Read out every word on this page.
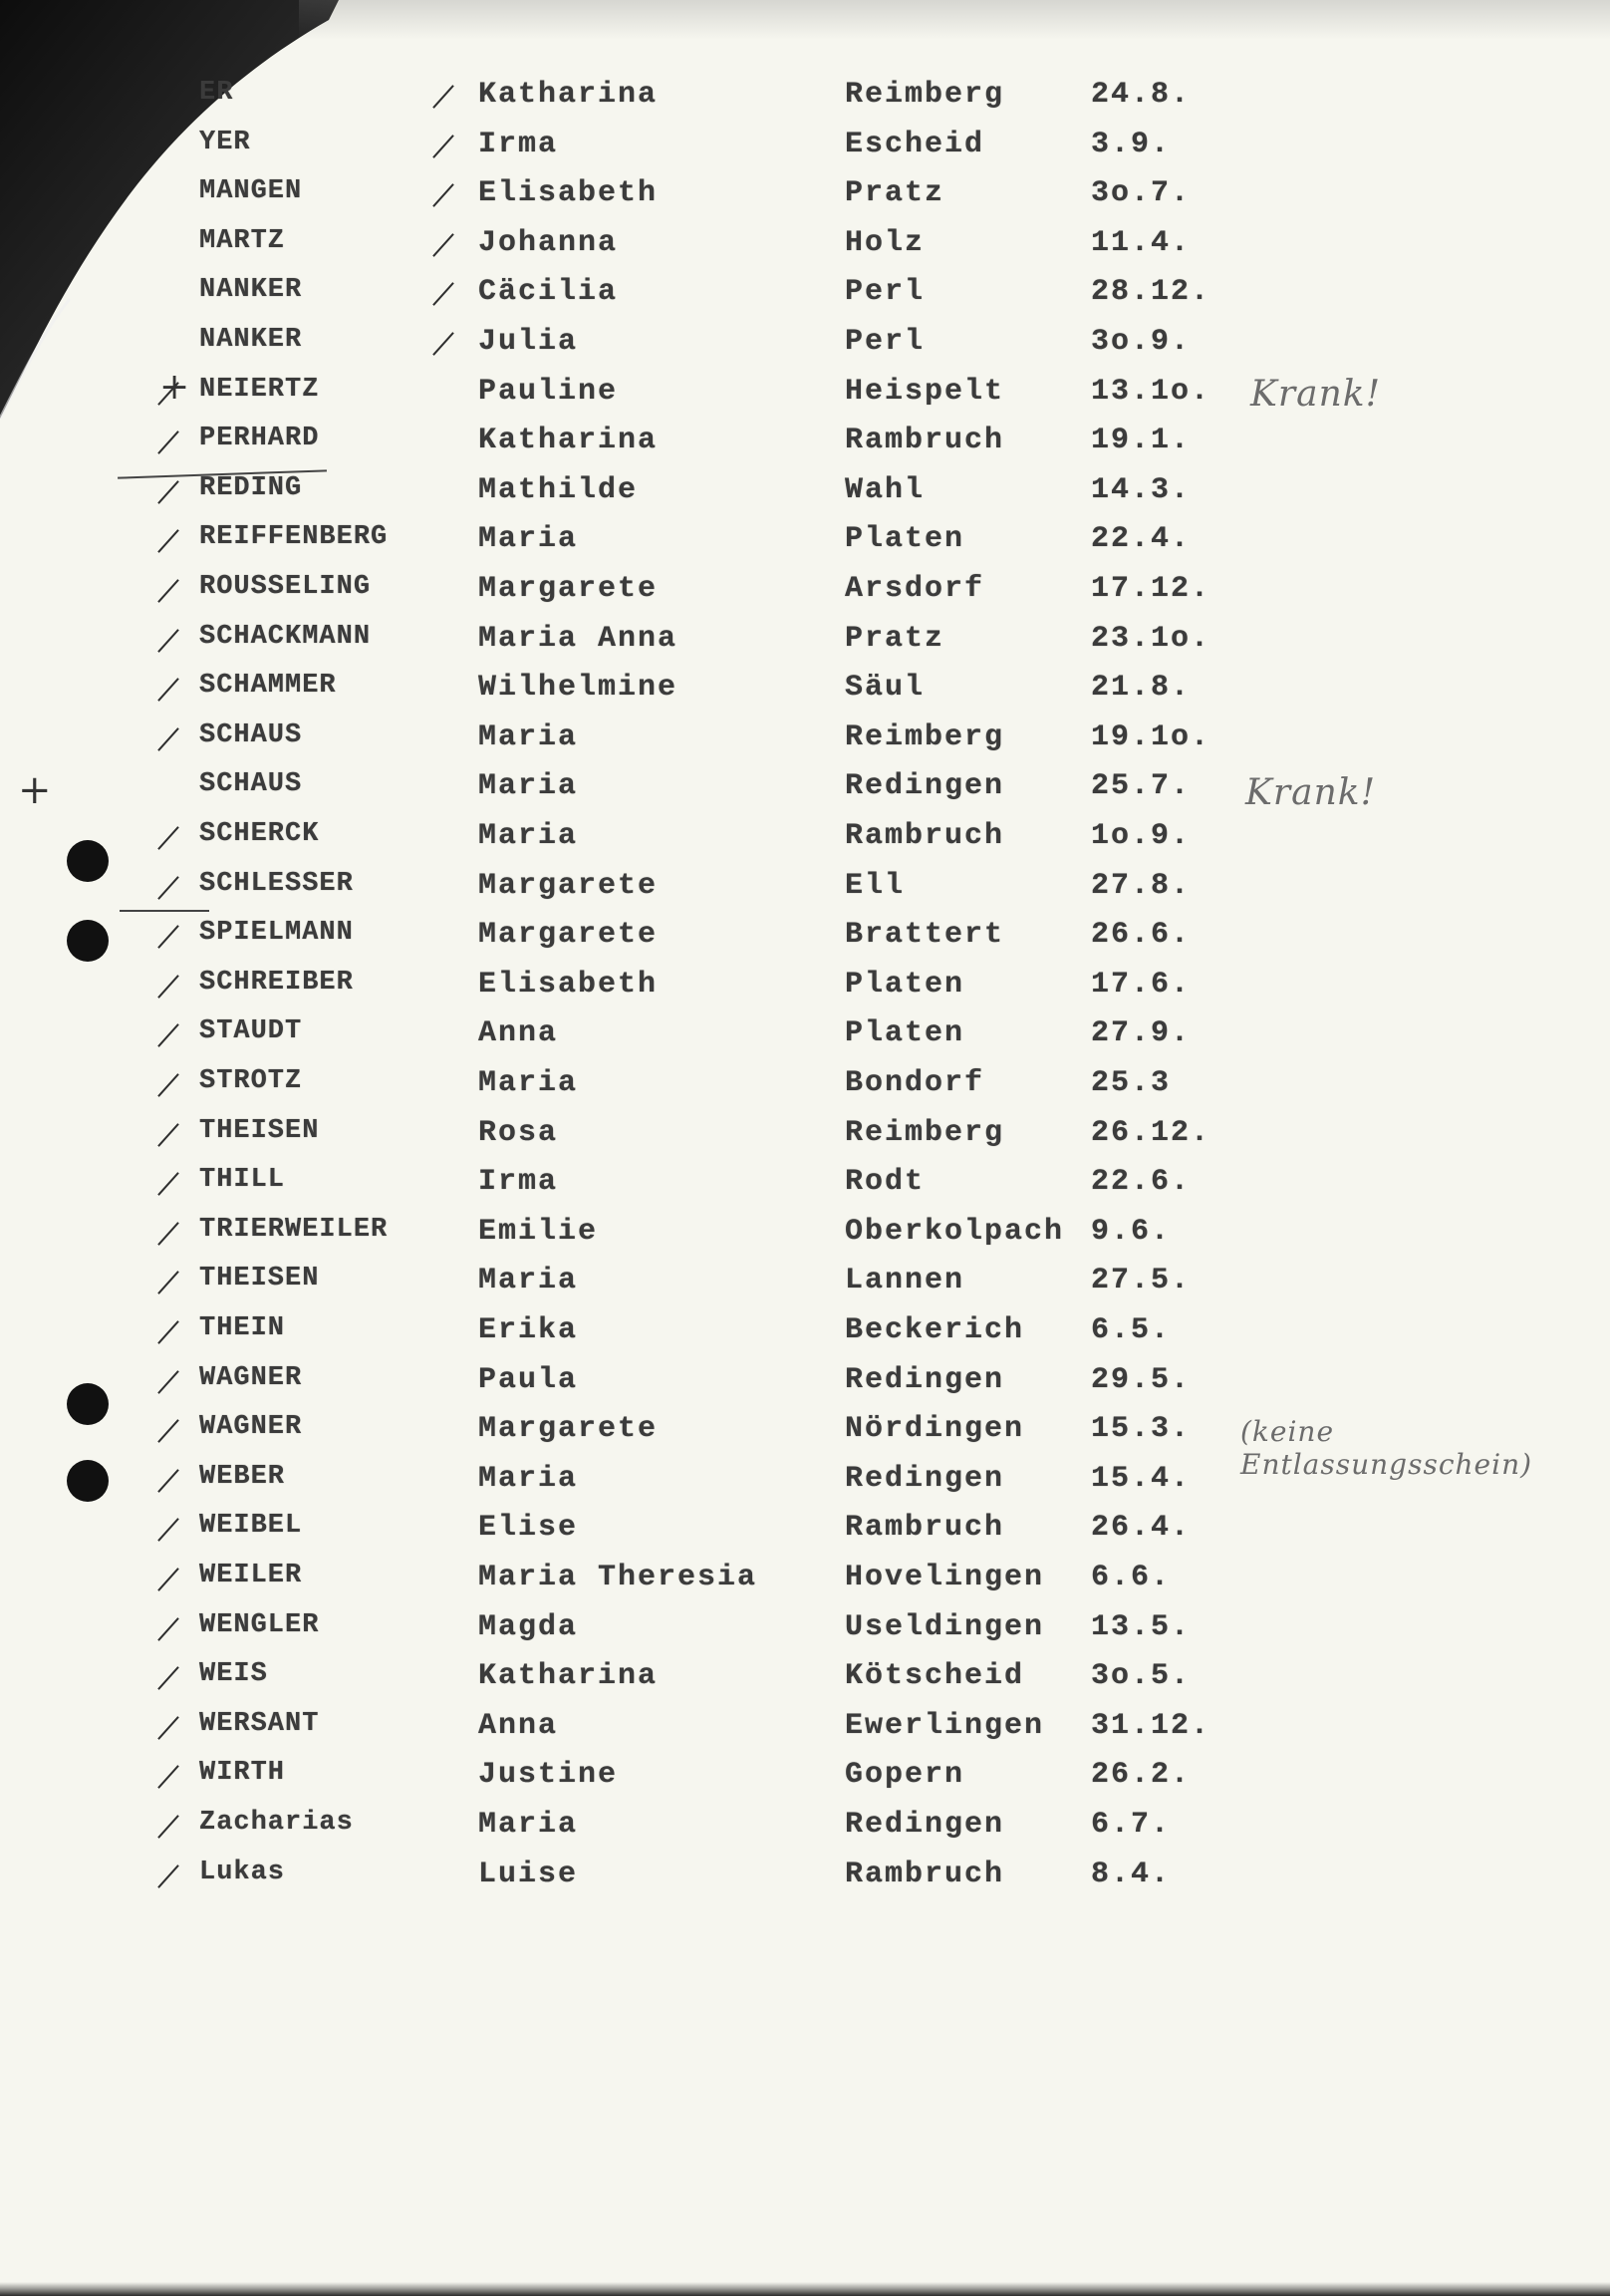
ER	Katharina	Reimberg	24.8.
YER	Irma	Escheid	3.9.
MANGEN	Elisabeth	Pratz	3o.7.
MARTZ	Johanna	Holz	11.4.
NANKER	Cäcilia	Perl	28.12.
NANKER	Julia	Perl	3o.9.
NEIERTZ	Pauline	Heispelt	13.1o.
PERHARD	Katharina	Rambruch	19.1.
REDING	Mathilde	Wahl	14.3.
REIFFENBERG	Maria	Platen	22.4.
ROUSSELING	Margarete	Arsdorf	17.12.
SCHACKMANN	Maria Anna	Pratz	23.1o.
SCHAMMER	Wilhelmine	Säul	21.8.
SCHAUS	Maria	Reimberg	19.1o.
SCHAUS	Maria	Redingen	25.7.
SCHERCK	Maria	Rambruch	1o.9.
SCHLESSER	Margarete	Ell	27.8.
SPIELMANN	Margarete	Brattert	26.6.
SCHREIBER	Elisabeth	Platen	17.6.
STAUDT	Anna	Platen	27.9.
STROTZ	Maria	Bondorf	25.3
THEISEN	Rosa	Reimberg	26.12.
THILL	Irma	Rodt	22.6.
TRIERWEILER	Emilie	Oberkolpach 9.6.
THEISEN	Maria	Lannen	27.5.
THEIN	Erika	Beckerich 6.5.
WAGNER	Paula	Redingen	29.5.
WAGNER	Margarete	Nördingen 15.3.
WEBER	Maria	Redingen	15.4.
WEIBEL	Elise	Rambruch	26.4.
WEILER	Maria Theresia	Hovelingen 6.6.
WENGLER	Magda	Useldingen 13.5.
WEIS	Katharina	Kötscheid 3o.5.
WERSANT	Anna	Ewerlingen 31.12.
WIRTH	Justine	Gopern	26.2.
Zacharias	Maria	Redingen	6.7.
Lukas	Luise	Rambruch	8.4.
+
+	Krank!
Krank!
(keine Entlassungsschein)
